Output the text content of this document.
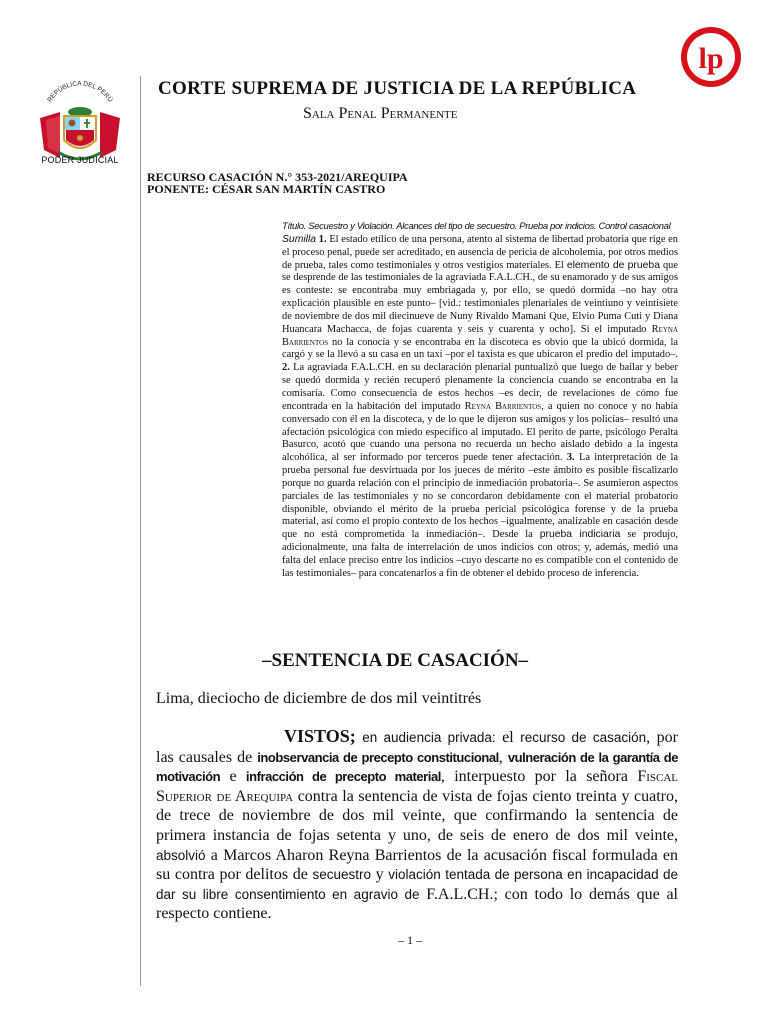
REPÚBLICA DEL PERÚ
PODER JUDICIAL
lp
CORTE SUPREMA DE JUSTICIA DE LA REPÚBLICA
Sala Penal Permanente
RECURSO CASACIÓN N.° 353-2021/AREQUIPA
PONENTE: CÉSAR SAN MARTÍN CASTRO
Título. Secuestro y Violación. Alcances del tipo de secuestro. Prueba por indicios. Control casacional
Sumilla 1. El estado etílico de una persona, atento al sistema de libertad probatoria que rige en el proceso penal, puede ser acreditado, en ausencia de pericia de alcoholemia, por otros medios de prueba, tales como testimoniales y otros vestigios materiales. El elemento de prueba que se desprende de las testimoniales de la agraviada F.A.L.CH., de su enamorado y de sus amigos es conteste: se encontraba muy embriagada y, por ello, se quedó dormida –no hay otra explicación plausible en este punto– [vid.: testimoniales plenariales de veintiuno y veintisiete de noviembre de dos mil diecinueve de Nuny Rivaldo Mamani Que, Elvio Puma Cuti y Diana Huancara Machacca, de fojas cuarenta y seis y cuarenta y ocho]. Si el imputado Reyna Barrientos no la conocía y se encontraba en la discoteca es obvio que la ubicó dormida, la cargó y se la llevó a su casa en un taxi –por el taxista es que ubicaron el predio del imputado–. 2. La agraviada F.A.L.CH. en su declaración plenarial puntualizó que luego de bailar y beber se quedó dormida y recién recuperó plenamente la conciencia cuando se encontraba en la comisaría. Como consecuencia de estos hechos –es decir, de revelaciones de cómo fue encontrada en la habitación del imputado Reyna Barrientos, a quien no conoce y no había conversado con él en la discoteca, y de lo que le dijeron sus amigos y los policías– resultó una afectación psicológica con miedo específico al imputado. El perito de parte, psicólogo Peralta Basurco, acotó que cuando una persona no recuerda un hecho aislado debido a la ingesta alcohólica, al ser informado por terceros puede tener afectación. 3. La interpretación de la prueba personal fue desvirtuada por los jueces de mérito –este ámbito es posible fiscalizarlo porque no guarda relación con el principio de inmediación probatoria–. Se asumieron aspectos parciales de las testimoniales y no se concordaron debidamente con el material probatorio disponible, obviando el mérito de la prueba pericial psicológica forense y de la prueba material, así como el propio contexto de los hechos –igualmente, analizable en casación desde que no está comprometida la inmediación–. Desde la prueba indiciaria se produjo, adicionalmente, una falta de interrelación de unos indicios con otros; y, además, medió una falta del enlace preciso entre los indicios –cuyo descarte no es compatible con el contenido de las testimoniales– para concatenarlos a fin de obtener el debido proceso de inferencia.
–SENTENCIA DE CASACIÓN–
Lima, dieciocho de diciembre de dos mil veintitrés
VISTOS; en audiencia privada: el recurso de casación, por las causales de inobservancia de precepto constitucional, vulneración de la garantía de motivación e infracción de precepto material, interpuesto por la señora Fiscal Superior de Arequipa contra la sentencia de vista de fojas ciento treinta y cuatro, de trece de noviembre de dos mil veinte, que confirmando la sentencia de primera instancia de fojas setenta y uno, de seis de enero de dos mil veinte, absolvió a Marcos Aharon Reyna Barrientos de la acusación fiscal formulada en su contra por delitos de secuestro y violación tentada de persona en incapacidad de dar su libre consentimiento en agravio de F.A.L.CH.; con todo lo demás que al respecto contiene.
– 1 –
